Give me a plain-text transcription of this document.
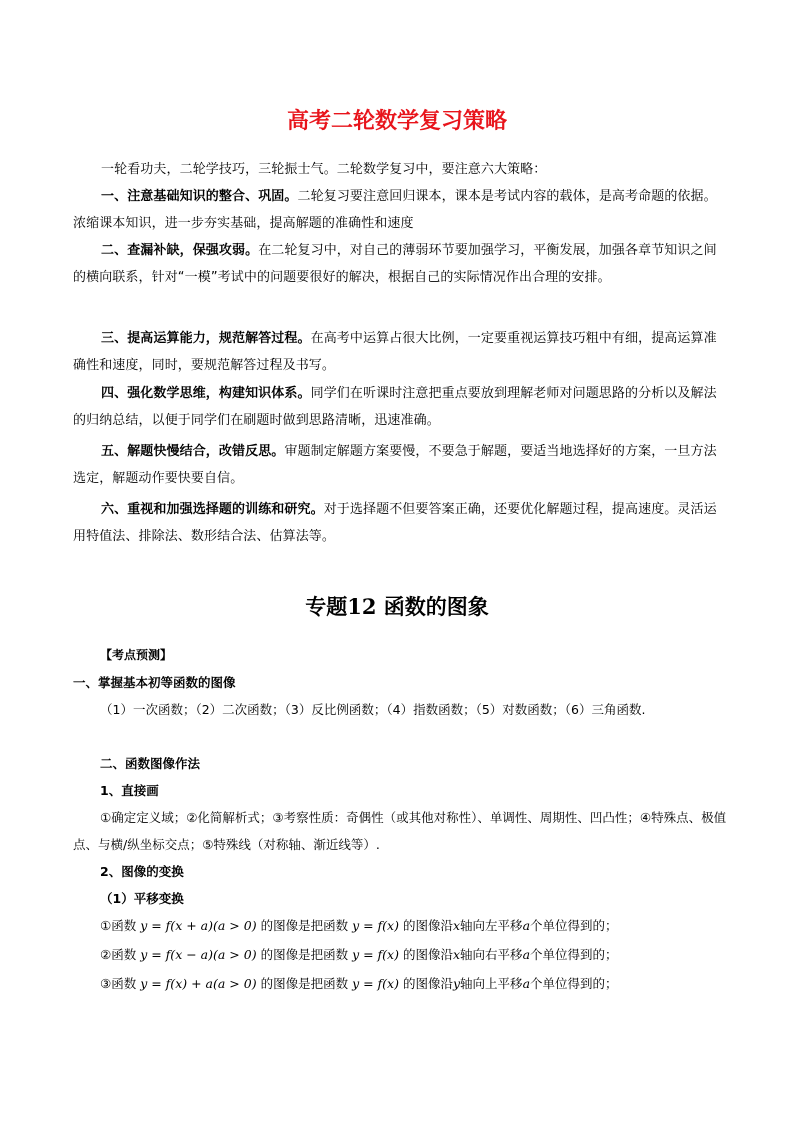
高考二轮数学复习策略
一轮看功夫，二轮学技巧，三轮振士气。二轮数学复习中，要注意六大策略：
一、注意基础知识的整合、巩固。二轮复习要注意回归课本，课本是考试内容的载体，是高考命题的依据。浓缩课本知识，进一步夯实基础，提高解题的准确性和速度
二、查漏补缺，保强攻弱。在二轮复习中，对自己的薄弱环节要加强学习，平衡发展，加强各章节知识之间的横向联系，针对“一模”考试中的问题要很好的解决，根据自己的实际情况作出合理的安排。
三、提高运算能力，规范解答过程。在高考中运算占很大比例，一定要重视运算技巧粗中有细，提高运算准确性和速度，同时，要规范解答过程及书写。
四、强化数学思维，构建知识体系。同学们在听课时注意把重点要放到理解老师对问题思路的分析以及解法的归纳总结，以便于同学们在刷题时做到思路清晰，迅速准确。
五、解题快慢结合，改错反思。审题制定解题方案要慢，不要急于解题，要适当地选择好的方案，一旦方法选定，解题动作要快要自信。
六、重视和加强选择题的训练和研究。对于选择题不但要答案正确，还要优化解题过程，提高速度。灵活运用特值法、排除法、数形结合法、估算法等。
专题12 函数的图象
【考点预测】
一、掌握基本初等函数的图像
（1）一次函数；（2）二次函数；（3）反比例函数；（4）指数函数；（5）对数函数；（6）三角函数.
二、函数图像作法
1、直接画
①确定定义域；②化简解析式；③考察性质：奇偶性（或其他对称性）、单调性、周期性、凹凸性；④特殊点、极值点、与横/纵坐标交点；⑤特殊线（对称轴、渐近线等）.
2、图像的变换
（1）平移变换
①函数 y = f(x + a)(a > 0) 的图像是把函数 y = f(x) 的图像沿x轴向左平移a个单位得到的；
②函数 y = f(x − a)(a > 0) 的图像是把函数 y = f(x) 的图像沿x轴向右平移a个单位得到的；
③函数 y = f(x) + a(a > 0) 的图像是把函数 y = f(x) 的图像沿y轴向上平移a个单位得到的；
